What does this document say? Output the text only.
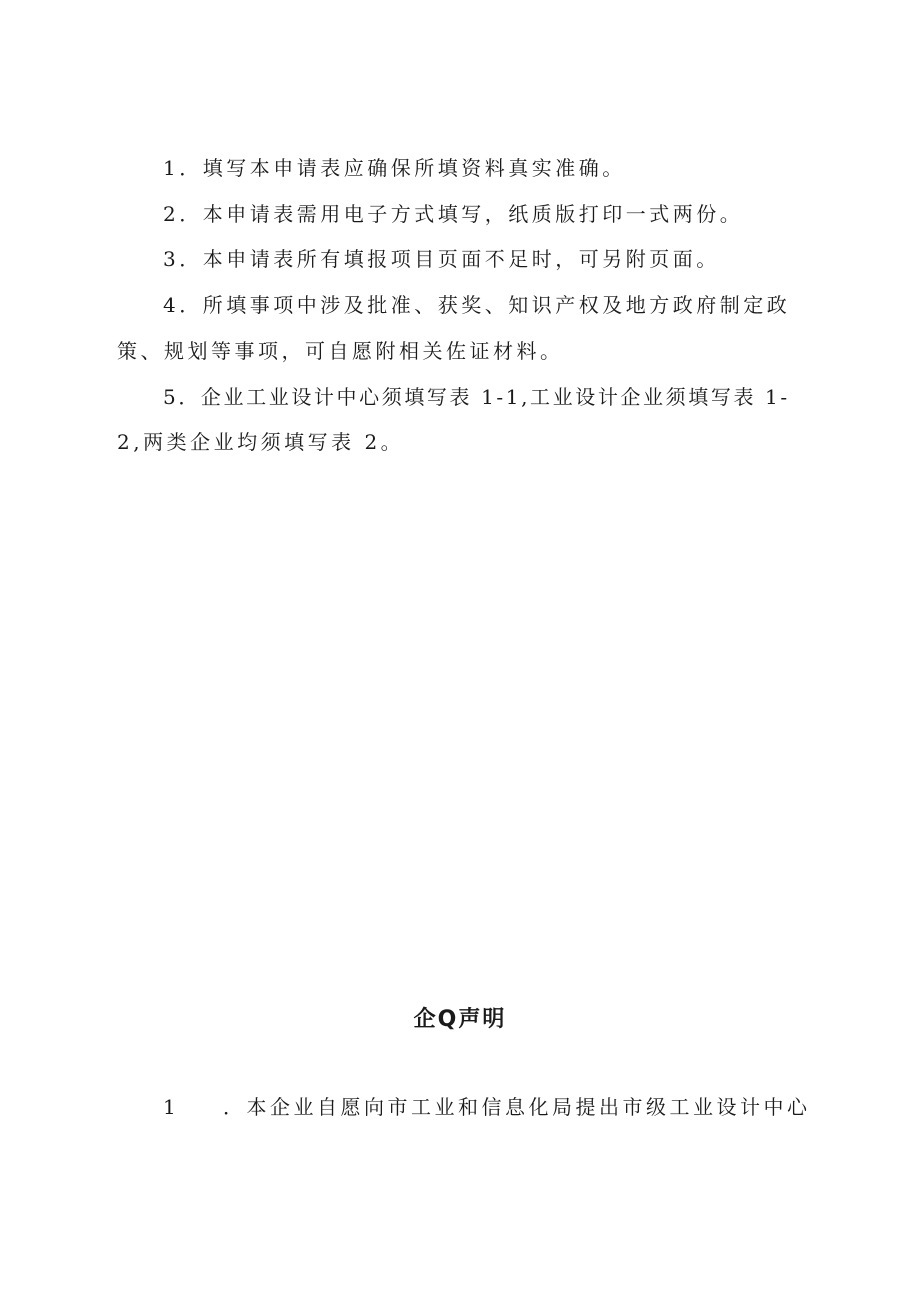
1．填写本申请表应确保所填资料真实准确。
2．本申请表需用电子方式填写，纸质版打印一式两份。
3．本申请表所有填报项目页面不足时，可另附页面。
4．所填事项中涉及批准、获奖、知识产权及地方政府制定政
策、规划等事项，可自愿附相关佐证材料。
5．企业工业设计中心须填写表 1-1,工业设计企业须填写表 1-
2,两类企业均须填写表 2。
企Q声明
1 ．本企业自愿向市工业和信息化局提出市级工业设计中心
